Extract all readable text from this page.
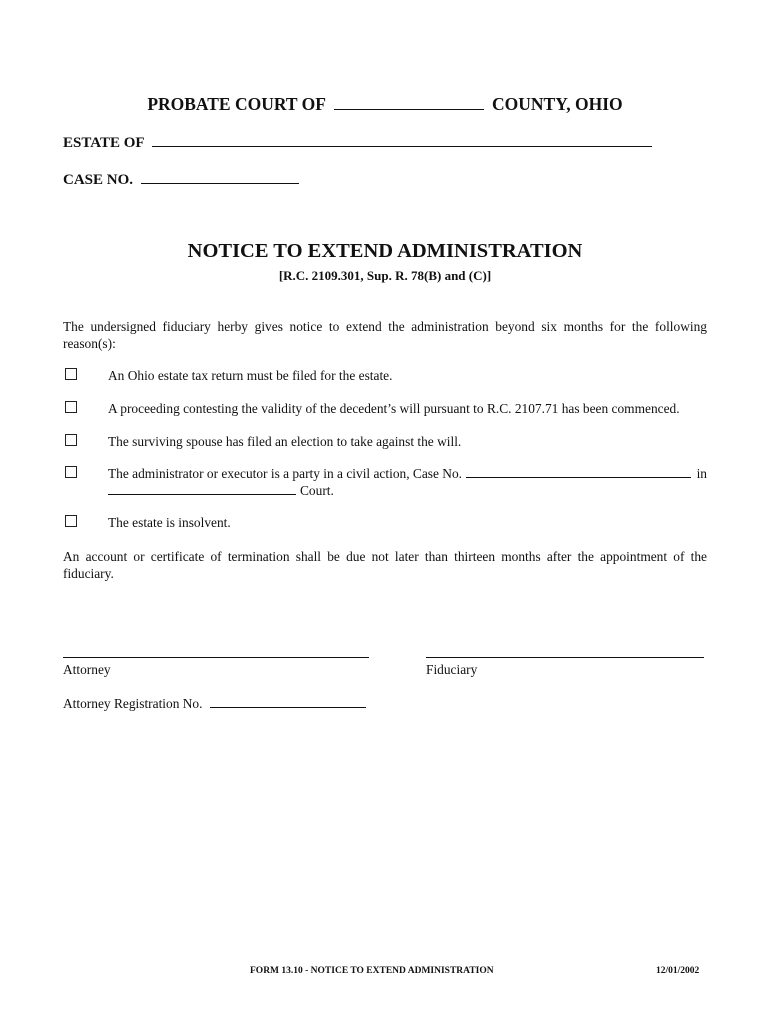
PROBATE COURT OF	COUNTY, OHIO
ESTATE OF
CASE NO.
NOTICE TO EXTEND ADMINISTRATION
[R.C. 2109.301, Sup. R. 78(B) and (C)]
The undersigned fiduciary herby gives notice to extend the administration beyond six months for the following reason(s):
An Ohio estate tax return must be filed for the estate.
A proceeding contesting the validity of the decedent’s will pursuant to R.C. 2107.71 has been commenced.
The surviving spouse has filed an election to take against the will.
The administrator or executor is a party in a civil action, Case No.	in
Court.
The estate is insolvent.
An account or certificate of termination shall be due not later than thirteen months after the appointment of the fiduciary.
Attorney	Fiduciary
Attorney Registration No.
FORM 13.10 - NOTICE TO EXTEND ADMINISTRATION	12/01/2002
